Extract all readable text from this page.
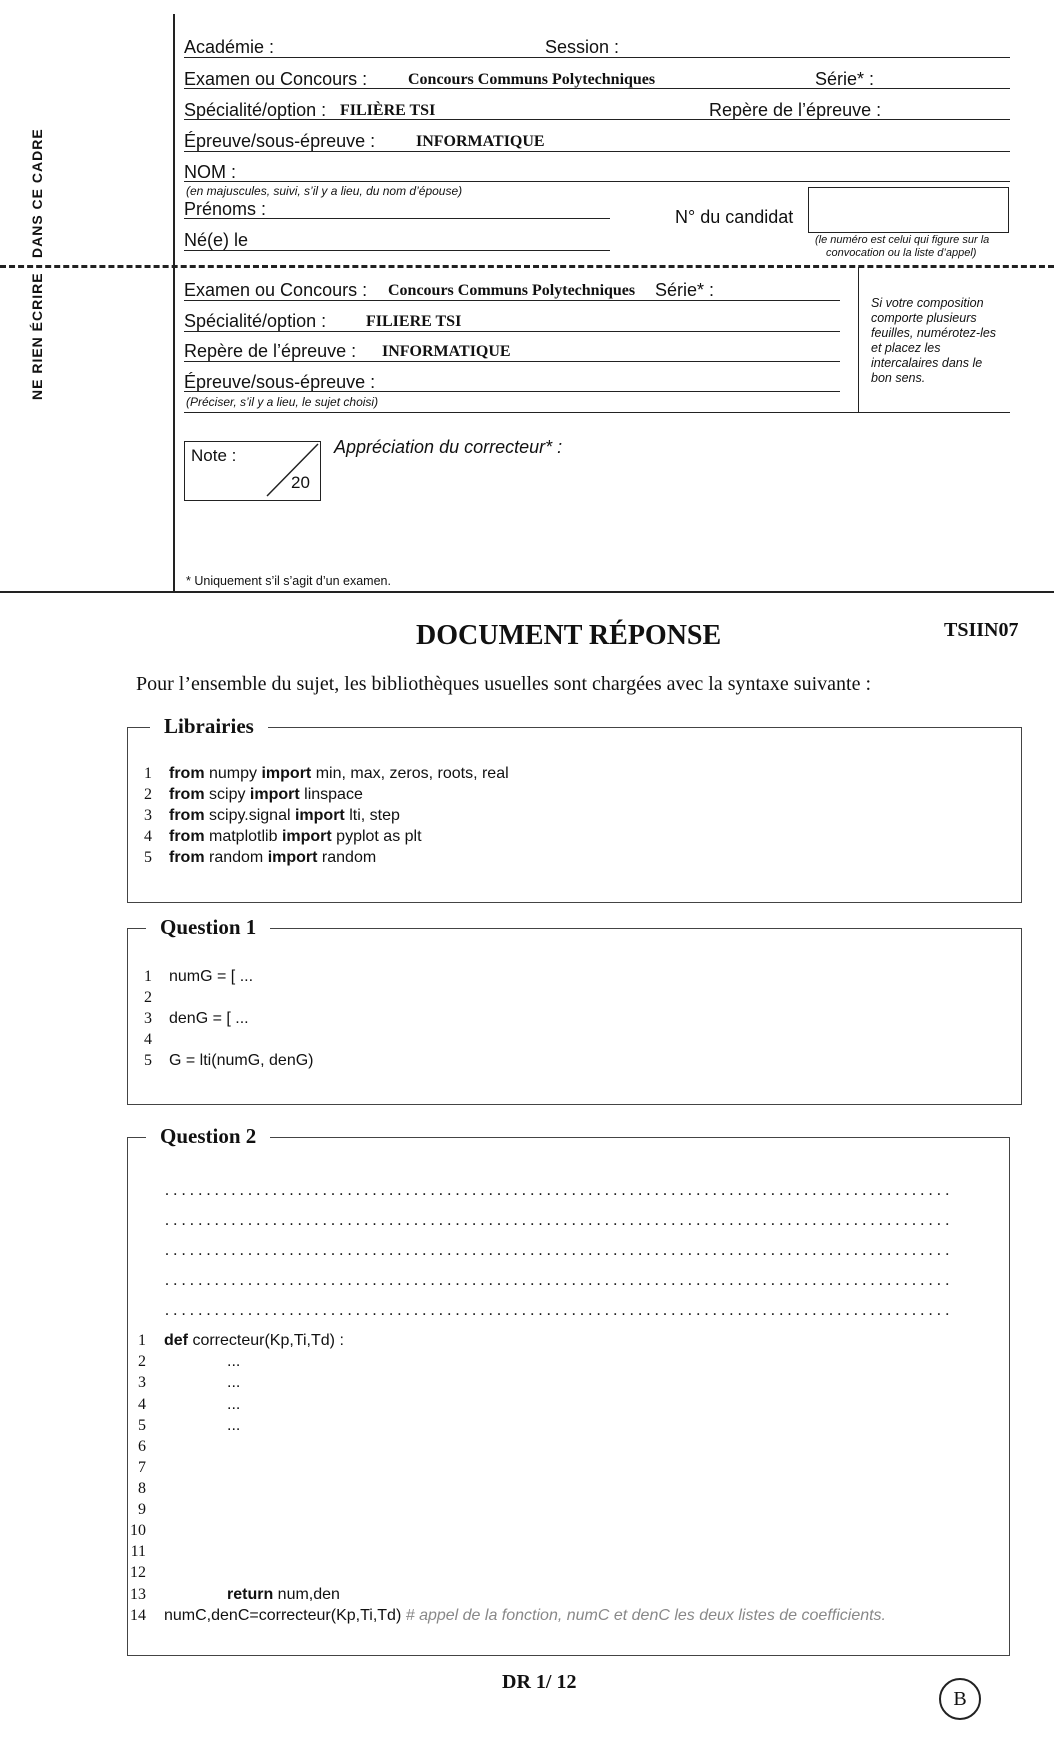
DANS CE CADRE
NE RIEN ÉCRIRE
Académie :	Session :
Examen ou Concours :	Concours Communs Polytechniques	Série* :
Spécialité/option : FILIÈRE TSI	Repère de l’épreuve :
Épreuve/sous-épreuve :	INFORMATIQUE
NOM :
(en majuscules, suivi, s’il y a lieu, du nom d’épouse)
Prénoms :
Né(e) le
N° du candidat
(le numéro est celui qui figure sur la
convocation ou la liste d’appel)
Examen ou Concours : Concours Communs Polytechniques Série* :
Spécialité/option : FILIERE TSI
Repère de l’épreuve : INFORMATIQUE
Épreuve/sous-épreuve :
(Préciser, s’il y a lieu, le sujet choisi)
Si votre composition
comporte plusieurs
feuilles, numérotez-les
et placez les
intercalaires dans le
bon sens.
Note :
20
Appréciation du correcteur* :
* Uniquement s’il s’agit d’un examen.
DOCUMENT RÉPONSE	TSIIN07
Pour l’ensemble du sujet, les bibliothèques usuelles sont chargées avec la syntaxe suivante :
Librairies
1 from numpy import min, max, zeros, roots, real
2 from scipy import linspace
3 from scipy.signal import lti, step
4 from matplotlib import pyplot as plt
5 from random import random
Question 1
1
2
3
4
5
numG = [ ...
denG = [ ...
G = lti(numG, denG)
Question 2
...............................................................................................
...............................................................................................
...............................................................................................
...............................................................................................
...............................................................................................
1
2
3
4
5
6
7
8
9
10
11
12
13
14
def correcteur(Kp,Ti,Td) :
...
...
...
...
return num,den
numC,denC=correcteur(Kp,Ti,Td) # appel de la fonction, numC et denC les deux listes de coefficients.
DR 1/ 12
B
